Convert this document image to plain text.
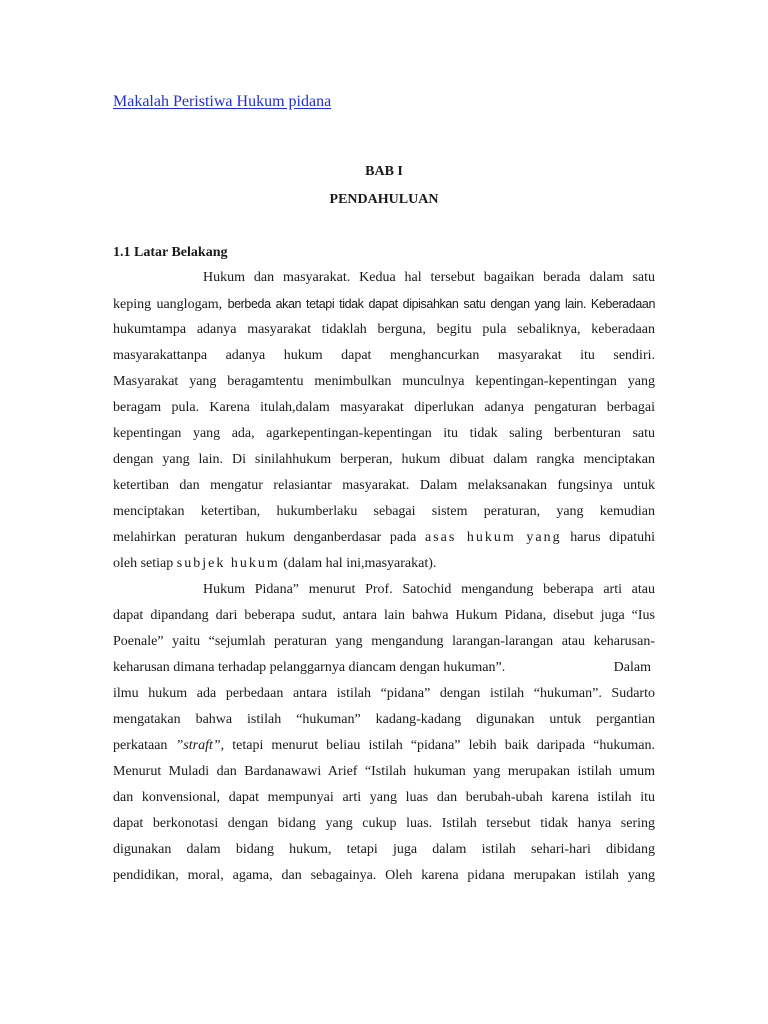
Makalah Peristiwa Hukum pidana
BAB I
PENDAHULUAN
1.1 Latar Belakang
Hukum dan masyarakat. Kedua hal tersebut bagaikan berada dalam satu
keping uanglogam, berbeda akan tetapi tidak dapat dipisahkan satu dengan yang lain. Keberadaan
hukumtampa adanya masyarakat tidaklah berguna, begitu pula sebaliknya, keberadaan
masyarakattanpa adanya hukum dapat menghancurkan masyarakat itu sendiri.
Masyarakat yang beragamtentu menimbulkan munculnya kepentingan-kepentingan yang
beragam pula. Karena itulah,dalam masyarakat diperlukan adanya pengaturan berbagai
kepentingan yang ada, agarkepentingan-kepentingan itu tidak saling berbenturan satu
dengan yang lain. Di sinilahhukum berperan, hukum dibuat dalam rangka menciptakan
ketertiban dan mengatur relasiantar masyarakat. Dalam melaksanakan fungsinya untuk
menciptakan ketertiban, hukumberlaku sebagai sistem peraturan, yang kemudian
melahirkan peraturan hukum denganberdasar pada asas hukum yang harus dipatuhi
oleh setiap subjek hukum (dalam hal ini,masyarakat).
Hukum Pidana” menurut Prof. Satochid mengandung beberapa arti atau
dapat dipandang dari beberapa sudut, antara lain bahwa Hukum Pidana, disebut juga “Ius
Poenale” yaitu “sejumlah peraturan yang mengandung larangan-larangan atau keharusan-
keharusan dimana terhadap pelanggarnya diancam dengan hukuman”.	Dalam
ilmu hukum ada perbedaan antara istilah “pidana” dengan istilah “hukuman”. Sudarto
mengatakan bahwa istilah “hukuman” kadang-kadang digunakan untuk pergantian
perkataan ”straft”, tetapi menurut beliau istilah “pidana” lebih baik daripada “hukuman.
Menurut Muladi dan Bardanawawi Arief “Istilah hukuman yang merupakan istilah umum
dan konvensional, dapat mempunyai arti yang luas dan berubah-ubah karena istilah itu
dapat berkonotasi dengan bidang yang cukup luas. Istilah tersebut tidak hanya sering
digunakan dalam bidang hukum, tetapi juga dalam istilah sehari-hari dibidang
pendidikan, moral, agama, dan sebagainya. Oleh karena pidana merupakan istilah yang
